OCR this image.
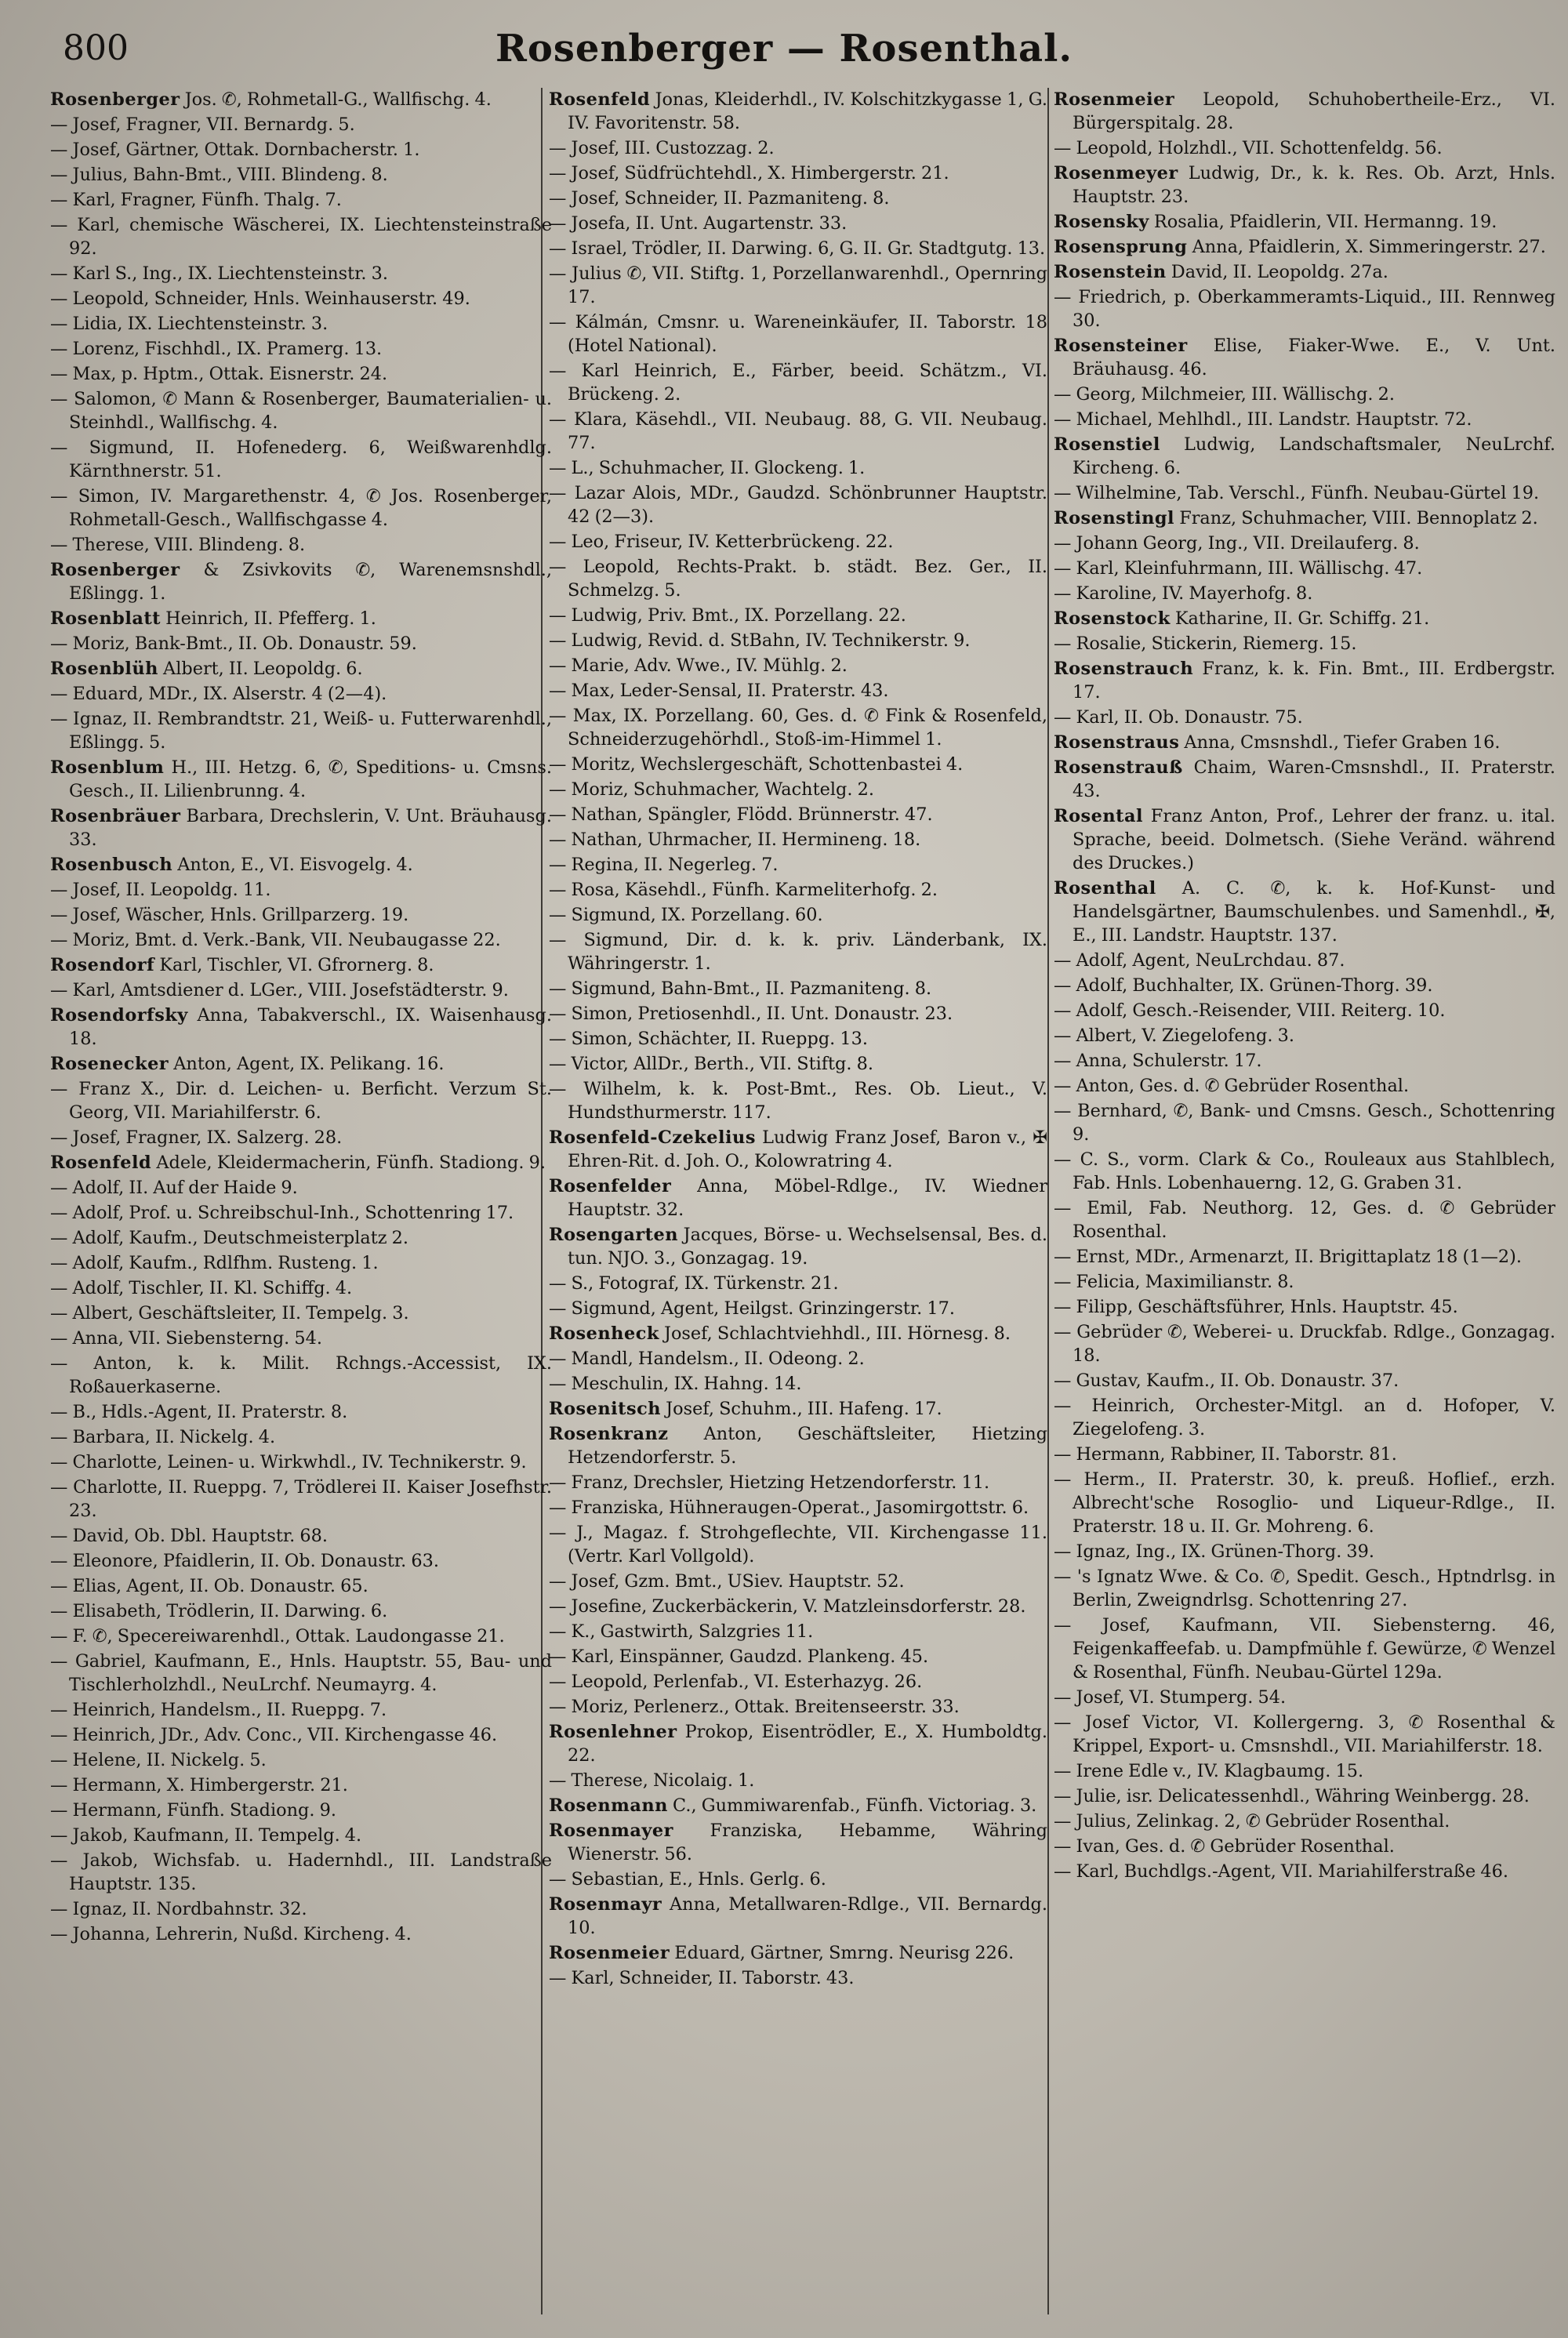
800	Rosenberger — Rosenthal.
Rosenberger Jos. ✆, Rohmetall-G., Wallfischg. 4.
— Josef, Fragner, VII. Bernardg. 5.
— Josef, Gärtner, Ottak. Dornbacherstr. 1.
— Julius, Bahn-Bmt., VIII. Blindeng. 8.
— Karl, Fragner, Fünfh. Thalg. 7.
— Karl, chemische Wäscherei, IX. Liechtensteinstraße 92.
— Karl S., Ing., IX. Liechtensteinstr. 3.
— Leopold, Schneider, Hnls. Weinhauserstr. 49.
— Lidia, IX. Liechtensteinstr. 3.
— Lorenz, Fischhdl., IX. Pramerg. 13.
— Max, p. Hptm., Ottak. Eisnerstr. 24.
— Salomon, ✆ Mann & Rosenberger, Baumaterialien- u. Steinhdl., Wallfischg. 4.
— Sigmund, II. Hofenederg. 6, Weißwarenhdlg. Kärnthnerstr. 51.
— Simon, IV. Margarethenstr. 4, ✆ Jos. Rosenberger, Rohmetall-Gesch., Wallfischgasse 4.
— Therese, VIII. Blindeng. 8.
Rosenberger & Zsivkovits ✆, Warenemsnshdl., Eßlingg. 1.
Rosenblatt Heinrich, II. Pfefferg. 1.
— Moriz, Bank-Bmt., II. Ob. Donaustr. 59.
Rosenblüh Albert, II. Leopoldg. 6.
— Eduard, MDr., IX. Alserstr. 4 (2—4).
— Ignaz, II. Rembrandtstr. 21, Weiß- u. Futterwarenhdl., Eßlingg. 5.
Rosenblum H., III. Hetzg. 6, ✆, Speditions- u. Cmsns. Gesch., II. Lilienbrunng. 4.
Rosenbräuer Barbara, Drechslerin, V. Unt. Bräuhausg. 33.
Rosenbusch Anton, E., VI. Eisvogelg. 4.
— Josef, II. Leopoldg. 11.
— Josef, Wäscher, Hnls. Grillparzerg. 19.
— Moriz, Bmt. d. Verk.-Bank, VII. Neubaugasse 22.
Rosendorf Karl, Tischler, VI. Gfrornerg. 8.
— Karl, Amtsdiener d. LGer., VIII. Josefstädterstr. 9.
Rosendorfsky Anna, Tabakverschl., IX. Waisenhausg. 18.
Rosenecker Anton, Agent, IX. Pelikang. 16.
— Franz X., Dir. d. Leichen- u. Berficht. Verzum St. Georg, VII. Mariahilferstr. 6.
— Josef, Fragner, IX. Salzerg. 28.
Rosenfeld Adele, Kleidermacherin, Fünfh. Stadiong. 9.
— Adolf, II. Auf der Haide 9.
— Adolf, Prof. u. Schreibschul-Inh., Schottenring 17.
— Adolf, Kaufm., Deutschmeisterplatz 2.
— Adolf, Kaufm., Rdlfhm. Rusteng. 1.
— Adolf, Tischler, II. Kl. Schiffg. 4.
— Albert, Geschäftsleiter, II. Tempelg. 3.
— Anna, VII. Siebensterng. 54.
— Anton, k. k. Milit. Rchngs.-Accessist, IX. Roßauerkaserne.
— B., Hdls.-Agent, II. Praterstr. 8.
— Barbara, II. Nickelg. 4.
— Charlotte, Leinen- u. Wirkwhdl., IV. Technikerstr. 9.
— Charlotte, II. Rueppg. 7, Trödlerei II. Kaiser Josefhstr. 23.
— David, Ob. Dbl. Hauptstr. 68.
— Eleonore, Pfaidlerin, II. Ob. Donaustr. 63.
— Elias, Agent, II. Ob. Donaustr. 65.
— Elisabeth, Trödlerin, II. Darwing. 6.
— F. ✆, Specereiwarenhdl., Ottak. Laudongasse 21.
— Gabriel, Kaufmann, E., Hnls. Hauptstr. 55, Bau- und Tischlerholzhdl., NeuLrchf. Neumayrg. 4.
— Heinrich, Handelsm., II. Rueppg. 7.
— Heinrich, JDr., Adv. Conc., VII. Kirchengasse 46.
— Helene, II. Nickelg. 5.
— Hermann, X. Himbergerstr. 21.
— Hermann, Fünfh. Stadiong. 9.
— Jakob, Kaufmann, II. Tempelg. 4.
— Jakob, Wichsfab. u. Hadernhdl., III. Landstraße Hauptstr. 135.
— Ignaz, II. Nordbahnstr. 32.
— Johanna, Lehrerin, Nußd. Kircheng. 4.
Rosenfeld Jonas, Kleiderhdl., IV. Kolschitzkygasse 1, G. IV. Favoritenstr. 58.
— Josef, III. Custozzag. 2.
— Josef, Südfrüchtehdl., X. Himbergerstr. 21.
— Josef, Schneider, II. Pazmaniteng. 8.
— Josefa, II. Unt. Augartenstr. 33.
— Israel, Trödler, II. Darwing. 6, G. II. Gr. Stadtgutg. 13.
— Julius ✆, VII. Stiftg. 1, Porzellanwarenhdl., Opernring 17.
— Kálmán, Cmsnr. u. Wareneinkäufer, II. Taborstr. 18 (Hotel National).
— Karl Heinrich, E., Färber, beeid. Schätzm., VI. Brückeng. 2.
— Klara, Käsehdl., VII. Neubaug. 88, G. VII. Neubaug. 77.
— L., Schuhmacher, II. Glockeng. 1.
— Lazar Alois, MDr., Gaudzd. Schönbrunner Hauptstr. 42 (2—3).
— Leo, Friseur, IV. Ketterbrückeng. 22.
— Leopold, Rechts-Prakt. b. städt. Bez. Ger., II. Schmelzg. 5.
— Ludwig, Priv. Bmt., IX. Porzellang. 22.
— Ludwig, Revid. d. StBahn, IV. Technikerstr. 9.
— Marie, Adv. Wwe., IV. Mühlg. 2.
— Max, Leder-Sensal, II. Praterstr. 43.
— Max, IX. Porzellang. 60, Ges. d. ✆ Fink & Rosenfeld, Schneiderzugehörhdl., Stoß-im-Himmel 1.
— Moritz, Wechslergeschäft, Schottenbastei 4.
— Moriz, Schuhmacher, Wachtelg. 2.
— Nathan, Spängler, Flödd. Brünnerstr. 47.
— Nathan, Uhrmacher, II. Hermineng. 18.
— Regina, II. Negerleg. 7.
— Rosa, Käsehdl., Fünfh. Karmeliterhofg. 2.
— Sigmund, IX. Porzellang. 60.
— Sigmund, Dir. d. k. k. priv. Länderbank, IX. Währingerstr. 1.
— Sigmund, Bahn-Bmt., II. Pazmaniteng. 8.
— Simon, Pretiosenhdl., II. Unt. Donaustr. 23.
— Simon, Schächter, II. Rueppg. 13.
— Victor, AllDr., Berth., VII. Stiftg. 8.
— Wilhelm, k. k. Post-Bmt., Res. Ob. Lieut., V. Hundsthurmerstr. 117.
Rosenfeld-Czekelius Ludwig Franz Josef, Baron v., ✠ Ehren-Rit. d. Joh. O., Kolowratring 4.
Rosenfelder Anna, Möbel-Rdlge., IV. Wiedner Hauptstr. 32.
Rosengarten Jacques, Börse- u. Wechselsensal, Bes. d. tun. NJO. 3., Gonzagag. 19.
— S., Fotograf, IX. Türkenstr. 21.
— Sigmund, Agent, Heilgst. Grinzingerstr. 17.
Rosenheck Josef, Schlachtviehhdl., III. Hörnesg. 8.
— Mandl, Handelsm., II. Odeong. 2.
— Meschulin, IX. Hahng. 14.
Rosenitsch Josef, Schuhm., III. Hafeng. 17.
Rosenkranz Anton, Geschäftsleiter, Hietzing Hetzendorferstr. 5.
— Franz, Drechsler, Hietzing Hetzendorferstr. 11.
— Franziska, Hühneraugen-Operat., Jasomirgottstr. 6.
— J., Magaz. f. Strohgeflechte, VII. Kirchengasse 11. (Vertr. Karl Vollgold).
— Josef, Gzm. Bmt., USiev. Hauptstr. 52.
— Josefine, Zuckerbäckerin, V. Matzleinsdorferstr. 28.
— K., Gastwirth, Salzgries 11.
— Karl, Einspänner, Gaudzd. Plankeng. 45.
— Leopold, Perlenfab., VI. Esterhazyg. 26.
— Moriz, Perlenerz., Ottak. Breitenseerstr. 33.
Rosenlehner Prokop, Eisentrödler, E., X. Humboldtg. 22.
— Therese, Nicolaig. 1.
Rosenmann C., Gummiwarenfab., Fünfh. Victoriag. 3.
Rosenmayer Franziska, Hebamme, Währing Wienerstr. 56.
— Sebastian, E., Hnls. Gerlg. 6.
Rosenmayr Anna, Metallwaren-Rdlge., VII. Bernardg. 10.
Rosenmeier Eduard, Gärtner, Smrng. Neurisg 226.
— Karl, Schneider, II. Taborstr. 43.
Rosenmeier Leopold, Schuhobertheile-Erz., VI. Bürgerspitalg. 28.
— Leopold, Holzhdl., VII. Schottenfeldg. 56.
Rosenmeyer Ludwig, Dr., k. k. Res. Ob. Arzt, Hnls. Hauptstr. 23.
Rosensky Rosalia, Pfaidlerin, VII. Hermanng. 19.
Rosensprung Anna, Pfaidlerin, X. Simmeringerstr. 27.
Rosenstein David, II. Leopoldg. 27a.
— Friedrich, p. Oberkammeramts-Liquid., III. Rennweg 30.
Rosensteiner Elise, Fiaker-Wwe. E., V. Unt. Bräuhausg. 46.
— Georg, Milchmeier, III. Wällischg. 2.
— Michael, Mehlhdl., III. Landstr. Hauptstr. 72.
Rosenstiel Ludwig, Landschaftsmaler, NeuLrchf. Kircheng. 6.
— Wilhelmine, Tab. Verschl., Fünfh. Neubau-Gürtel 19.
Rosenstingl Franz, Schuhmacher, VIII. Bennoplatz 2.
— Johann Georg, Ing., VII. Dreilauferg. 8.
— Karl, Kleinfuhrmann, III. Wällischg. 47.
— Karoline, IV. Mayerhofg. 8.
Rosenstock Katharine, II. Gr. Schiffg. 21.
— Rosalie, Stickerin, Riemerg. 15.
Rosenstrauch Franz, k. k. Fin. Bmt., III. Erdbergstr. 17.
— Karl, II. Ob. Donaustr. 75.
Rosenstraus Anna, Cmsnshdl., Tiefer Graben 16.
Rosenstrauß Chaim, Waren-Cmsnshdl., II. Praterstr. 43.
Rosental Franz Anton, Prof., Lehrer der franz. u. ital. Sprache, beeid. Dolmetsch. (Siehe Veränd. während des Druckes.)
Rosenthal A. C. ✆, k. k. Hof-Kunst- und Handelsgärtner, Baumschulenbes. und Samenhdl., ✠, E., III. Landstr. Hauptstr. 137.
— Adolf, Agent, NeuLrchdau. 87.
— Adolf, Buchhalter, IX. Grünen-Thorg. 39.
— Adolf, Gesch.-Reisender, VIII. Reiterg. 10.
— Albert, V. Ziegelofeng. 3.
— Anna, Schulerstr. 17.
— Anton, Ges. d. ✆ Gebrüder Rosenthal.
— Bernhard, ✆, Bank- und Cmsns. Gesch., Schottenring 9.
— C. S., vorm. Clark & Co., Rouleaux aus Stahlblech, Fab. Hnls. Lobenhauerng. 12, G. Graben 31.
— Emil, Fab. Neuthorg. 12, Ges. d. ✆ Gebrüder Rosenthal.
— Ernst, MDr., Armenarzt, II. Brigittaplatz 18 (1—2).
— Felicia, Maximilianstr. 8.
— Filipp, Geschäftsführer, Hnls. Hauptstr. 45.
— Gebrüder ✆, Weberei- u. Druckfab. Rdlge., Gonzagag. 18.
— Gustav, Kaufm., II. Ob. Donaustr. 37.
— Heinrich, Orchester-Mitgl. an d. Hofoper, V. Ziegelofeng. 3.
— Hermann, Rabbiner, II. Taborstr. 81.
— Herm., II. Praterstr. 30, k. preuß. Hoflief., erzh. Albrecht'sche Rosoglio- und Liqueur-Rdlge., II. Praterstr. 18 u. II. Gr. Mohreng. 6.
— Ignaz, Ing., IX. Grünen-Thorg. 39.
— 's Ignatz Wwe. & Co. ✆, Spedit. Gesch., Hptndrlsg. in Berlin, Zweigndrlsg. Schottenring 27.
— Josef, Kaufmann, VII. Siebensterng. 46, Feigenkaffeefab. u. Dampfmühle f. Gewürze, ✆ Wenzel & Rosenthal, Fünfh. Neubau-Gürtel 129a.
— Josef, VI. Stumperg. 54.
— Josef Victor, VI. Kollergerng. 3, ✆ Rosenthal & Krippel, Export- u. Cmsnshdl., VII. Mariahilferstr. 18.
— Irene Edle v., IV. Klagbaumg. 15.
— Julie, isr. Delicatessenhdl., Währing Weinbergg. 28.
— Julius, Zelinkag. 2, ✆ Gebrüder Rosenthal.
— Ivan, Ges. d. ✆ Gebrüder Rosenthal.
— Karl, Buchdlgs.-Agent, VII. Mariahilferstraße 46.
